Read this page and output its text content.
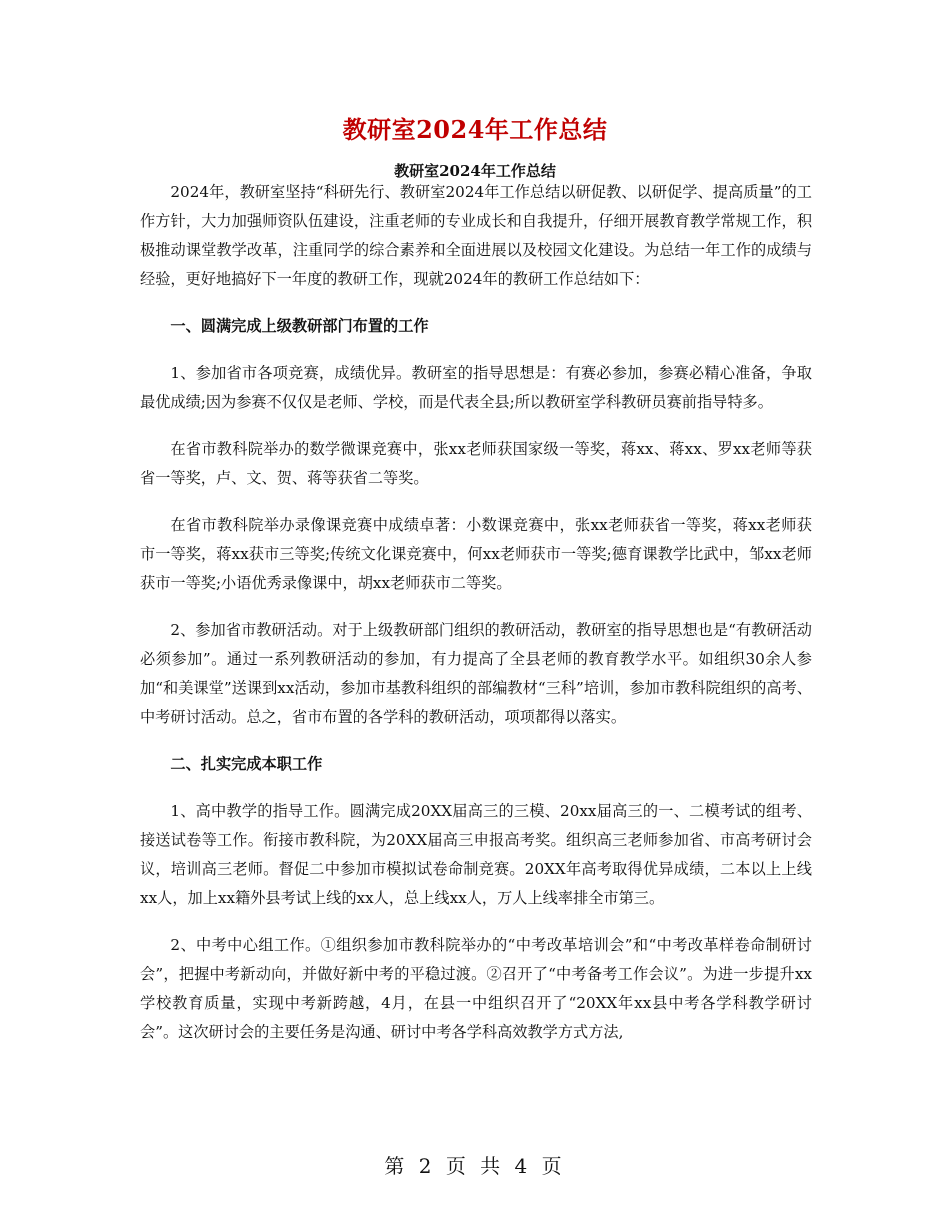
教研室2024年工作总结
教研室2024年工作总结

2024年，教研室坚持“科研先行、教研室2024年工作总结以研促教、以研促学、提高质量”的工作方针，大力加强师资队伍建设，注重老师的专业成长和自我提升，仔细开展教育教学常规工作，积极推动课堂教学改革，注重同学的综合素养和全面进展以及校园文化建设。为总结一年工作的成绩与经验，更好地搞好下一年度的教研工作，现就2024年的教研工作总结如下：

一、圆满完成上级教研部门布置的工作

1、参加省市各项竞赛，成绩优异。教研室的指导思想是：有赛必参加，参赛必精心准备，争取最优成绩;因为参赛不仅仅是老师、学校，而是代表全县;所以教研室学科教研员赛前指导特多。

在省市教科院举办的数学微课竞赛中，张xx老师获国家级一等奖，蒋xx、蒋xx、罗xx老师等获省一等奖，卢、文、贺、蒋等获省二等奖。

在省市教科院举办录像课竞赛中成绩卓著：小数课竞赛中，张xx老师获省一等奖，蒋xx老师获市一等奖，蒋xx获市三等奖;传统文化课竞赛中，何xx老师获市一等奖;德育课教学比武中，邹xx老师获市一等奖;小语优秀录像课中，胡xx老师获市二等奖。

2、参加省市教研活动。对于上级教研部门组织的教研活动，教研室的指导思想也是“有教研活动必须参加”。通过一系列教研活动的参加，有力提高了全县老师的教育教学水平。如组织30余人参加“和美课堂”送课到xx活动，参加市基教科组织的部编教材“三科”培训，参加市教科院组织的高考、中考研讨活动。总之，省市布置的各学科的教研活动，项项都得以落实。

二、扎实完成本职工作

1、高中教学的指导工作。圆满完成20XX届高三的三模、20xx届高三的一、二模考试的组考、接送试卷等工作。衔接市教科院，为20XX届高三申报高考奖。组织高三老师参加省、市高考研讨会议，培训高三老师。督促二中参加市模拟试卷命制竞赛。20XX年高考取得优异成绩，二本以上上线xx人，加上xx籍外县考试上线的xx人，总上线xx人，万人上线率排全市第三。

2、中考中心组工作。①组织参加市教科院举办的“中考改革培训会”和“中考改革样卷命制研讨会”，把握中考新动向，并做好新中考的平稳过渡。②召开了“中考备考工作会议”。为进一步提升xx学校教育质量，实现中考新跨越，4月，在县一中组织召开了“20XX年xx县中考各学科教学研讨会”。这次研讨会的主要任务是沟通、研讨中考各学科高效教学方式方法,

第 2 页 共 4 页
